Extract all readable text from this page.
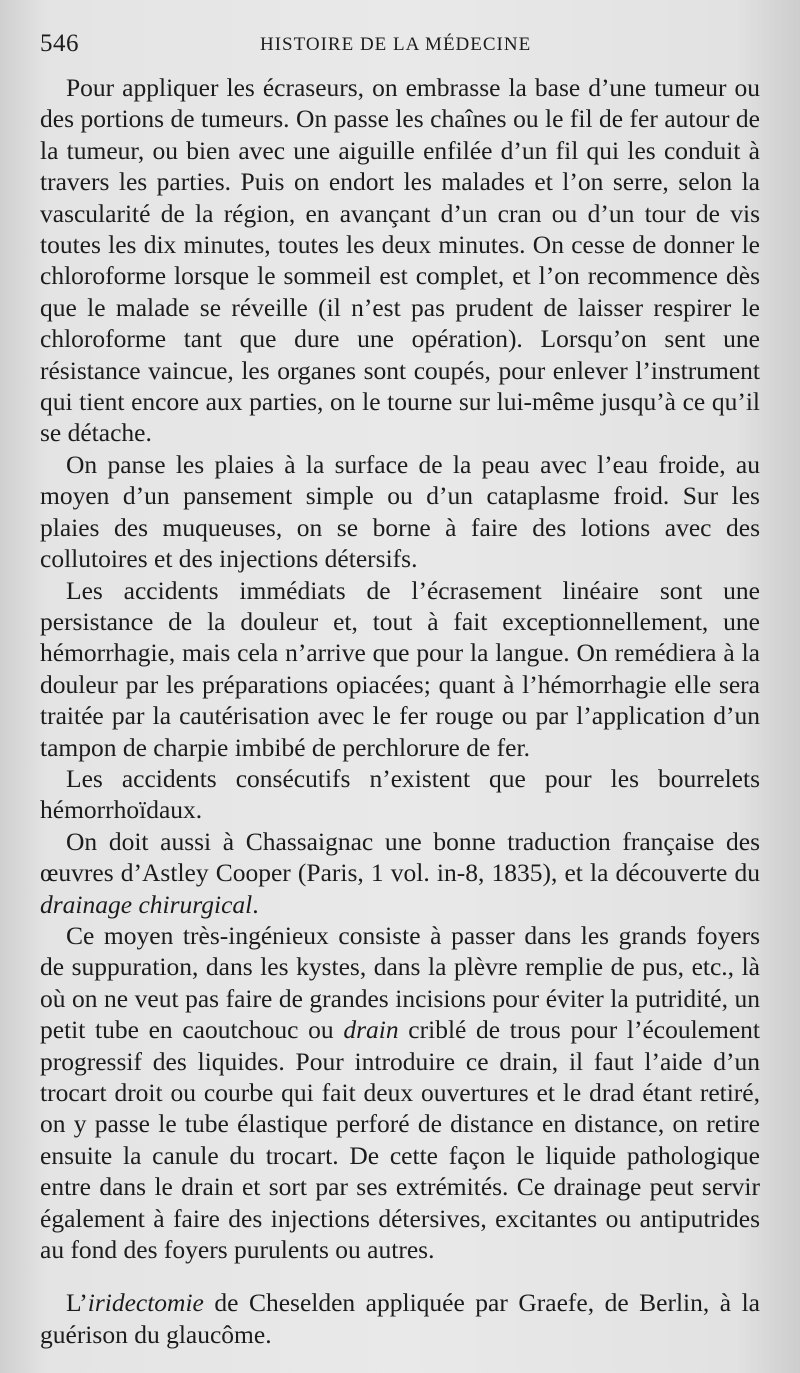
546	HISTOIRE DE LA MÉDECINE

Pour appliquer les écraseurs, on embrasse la base d’une tumeur ou des portions de tumeurs. On passe les chaînes ou le fil de fer autour de la tumeur, ou bien avec une aiguille enfilée d’un fil qui les conduit à travers les parties. Puis on endort les malades et l’on serre, selon la vascularité de la région, en avançant d’un cran ou d’un tour de vis toutes les dix minutes, toutes les deux minutes. On cesse de donner le chloroforme lorsque le sommeil est complet, et l’on recommence dès que le malade se réveille (il n’est pas prudent de laisser respirer le chloroforme tant que dure une opération). Lorsqu’on sent une résistance vaincue, les organes sont coupés, pour enlever l’instrument qui tient encore aux parties, on le tourne sur lui-même jusqu’à ce qu’il se détache.

On panse les plaies à la surface de la peau avec l’eau froide, au moyen d’un pansement simple ou d’un cataplasme froid. Sur les plaies des muqueuses, on se borne à faire des lotions avec des collutoires et des injections détersifs.

Les accidents immédiats de l’écrasement linéaire sont une persistance de la douleur et, tout à fait exceptionnellement, une hémorrhagie, mais cela n’arrive que pour la langue. On remédiera à la douleur par les préparations opiacées; quant à l’hémorrhagie elle sera traitée par la cautérisation avec le fer rouge ou par l’application d’un tampon de charpie imbibé de perchlorure de fer.

Les accidents consécutifs n’existent que pour les bourrelets hémorrhoïdaux.

On doit aussi à Chassaignac une bonne traduction française des œuvres d’Astley Cooper (Paris, 1 vol. in-8, 1835), et la découverte du drainage chirurgical.

Ce moyen très-ingénieux consiste à passer dans les grands foyers de suppuration, dans les kystes, dans la plèvre remplie de pus, etc., là où on ne veut pas faire de grandes incisions pour éviter la putridité, un petit tube en caoutchouc ou drain criblé de trous pour l’écoulement progressif des liquides. Pour introduire ce drain, il faut l’aide d’un trocart droit ou courbe qui fait deux ouvertures et le drad étant retiré, on y passe le tube élastique perforé de distance en distance, on retire ensuite la canule du trocart. De cette façon le liquide pathologique entre dans le drain et sort par ses extrémités. Ce drainage peut servir également à faire des injections détersives, excitantes ou antiputrides au fond des foyers purulents ou autres.

L’iridectomie de Cheselden appliquée par Graefe, de Berlin, à la guérison du glaucôme.
